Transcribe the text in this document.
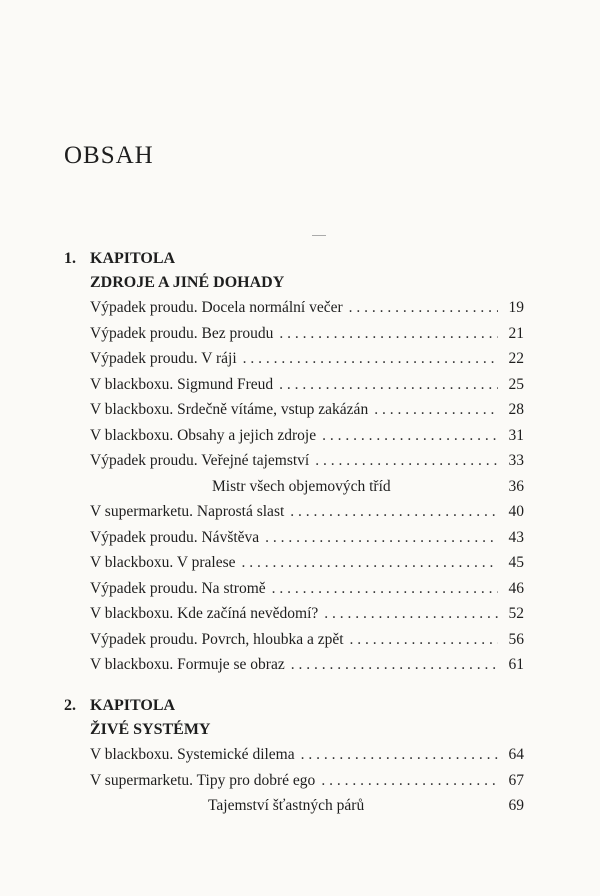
OBSAH
1. KAPITOLA
ZDROJE A JINÉ DOHADY
Výpadek proudu. Docela normální večer . . .	19
Výpadek proudu. Bez proudu . . .	21
Výpadek proudu. V ráji . . .	22
V blackboxu. Sigmund Freud . . .	25
V blackboxu. Srdečně vítáme, vstup zakázán . . .	28
V blackboxu. Obsahy a jejich zdroje . . .	31
Výpadek proudu. Veřejné tajemství . . .	33
Mistr všech objemových tříd	36
V supermarketu. Naprostá slast . . .	40
Výpadek proudu. Návštěva . . .	43
V blackboxu. V pralese . . .	45
Výpadek proudu. Na stromě . . .	46
V blackboxu. Kde začíná nevědomí? . . .	52
Výpadek proudu. Povrch, hloubka a zpět . . .	56
V blackboxu. Formuje se obraz . . .	61
2. KAPITOLA
ŽIVÉ SYSTÉMY
V blackboxu. Systemické dilema . . .	64
V supermarketu. Tipy pro dobré ego . . .	67
Tajemství šťastných párů	69
